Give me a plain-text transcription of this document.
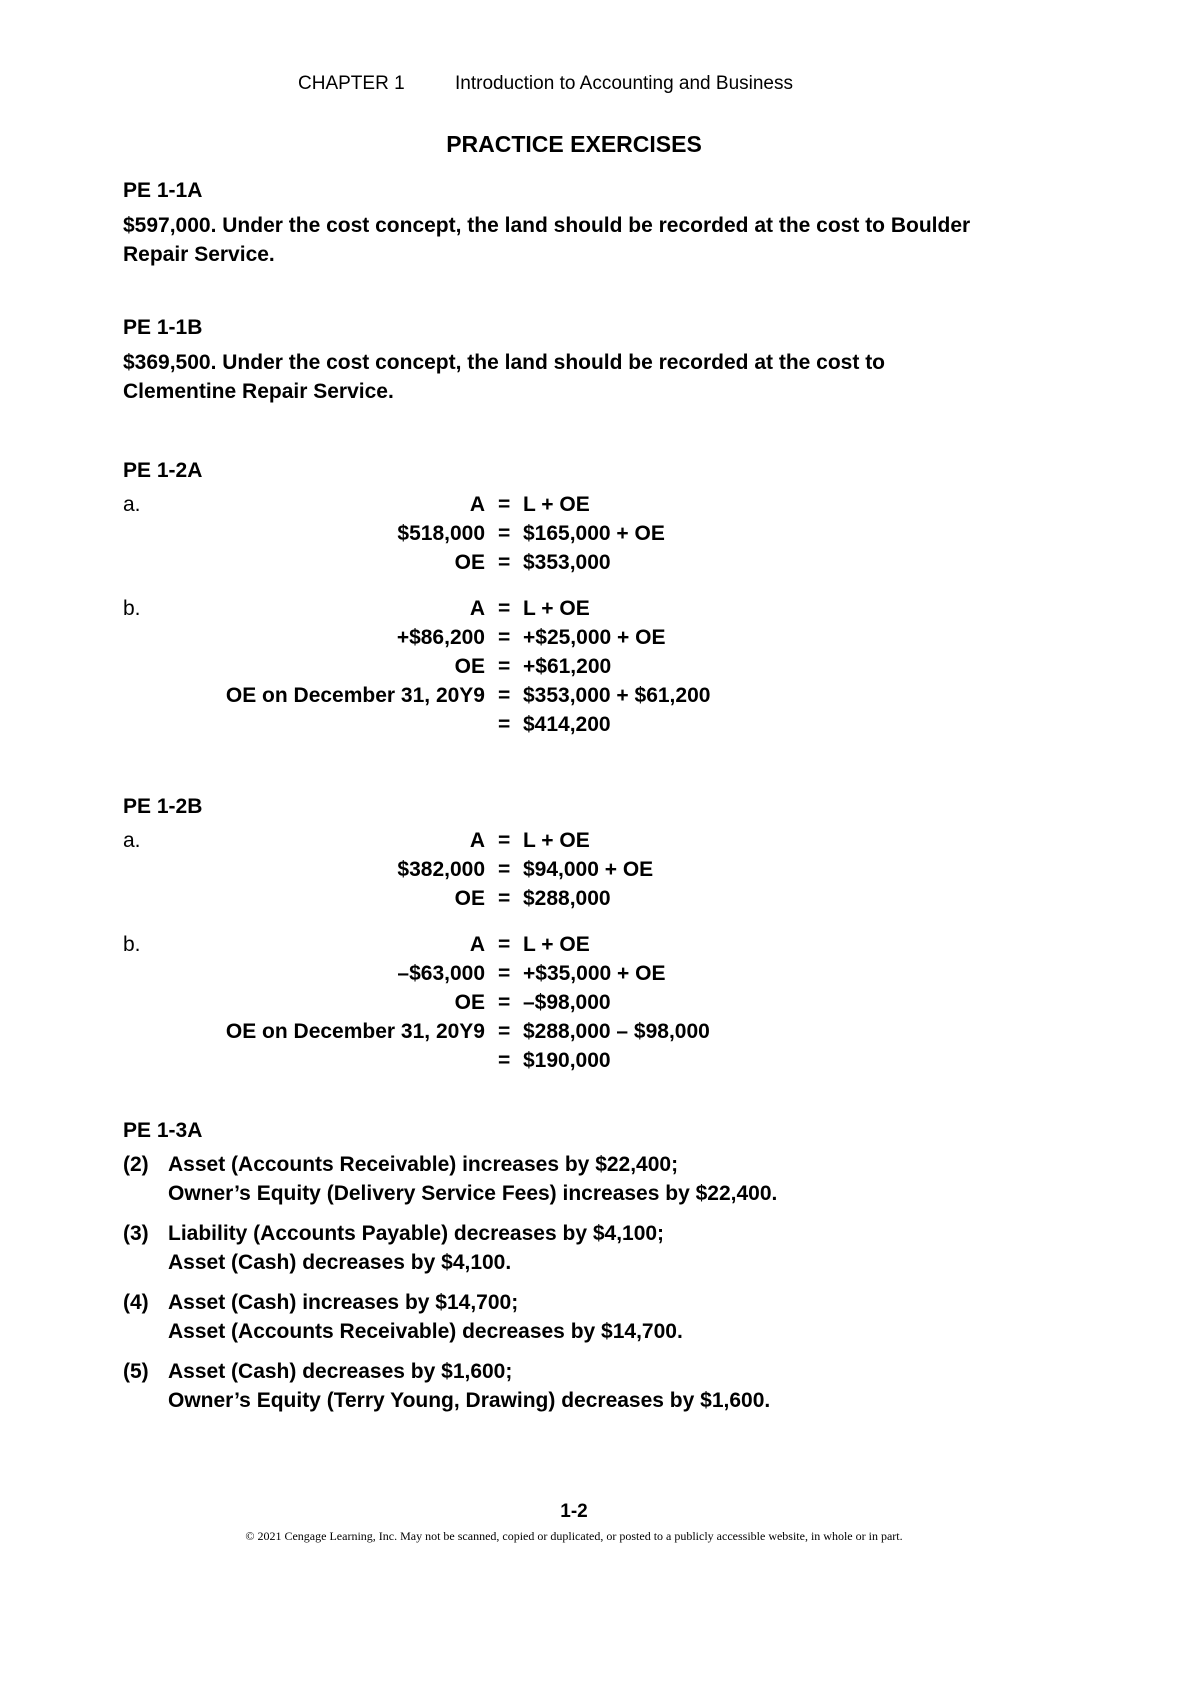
CHAPTER 1	Introduction to Accounting and Business
PRACTICE EXERCISES
PE 1-1A
$597,000. Under the cost concept, the land should be recorded at the cost to Boulder
Repair Service.
PE 1-1B
$369,500. Under the cost concept, the land should be recorded at the cost to
Clementine Repair Service.
PE 1-2A
a.	A = L + OE
$518,000 = $165,000 + OE
OE = $353,000
b.	A = L + OE
+$86,200 = +$25,000 + OE
OE = +$61,200
OE on December 31, 20Y9 = $353,000 + $61,200
= $414,200
PE 1-2B
a.	A = L + OE
$382,000 = $94,000 + OE
OE = $288,000
b.	A = L + OE
–$63,000 = +$35,000 + OE
OE = –$98,000
OE on December 31, 20Y9 = $288,000 – $98,000
= $190,000
PE 1-3A
(2) Asset (Accounts Receivable) increases by $22,400;
Owner’s Equity (Delivery Service Fees) increases by $22,400.
(3) Liability (Accounts Payable) decreases by $4,100;
Asset (Cash) decreases by $4,100.
(4) Asset (Cash) increases by $14,700;
Asset (Accounts Receivable) decreases by $14,700.
(5) Asset (Cash) decreases by $1,600;
Owner’s Equity (Terry Young, Drawing) decreases by $1,600.
1-2
© 2021 Cengage Learning, Inc. May not be scanned, copied or duplicated, or posted to a publicly accessible website, in whole or in part.
